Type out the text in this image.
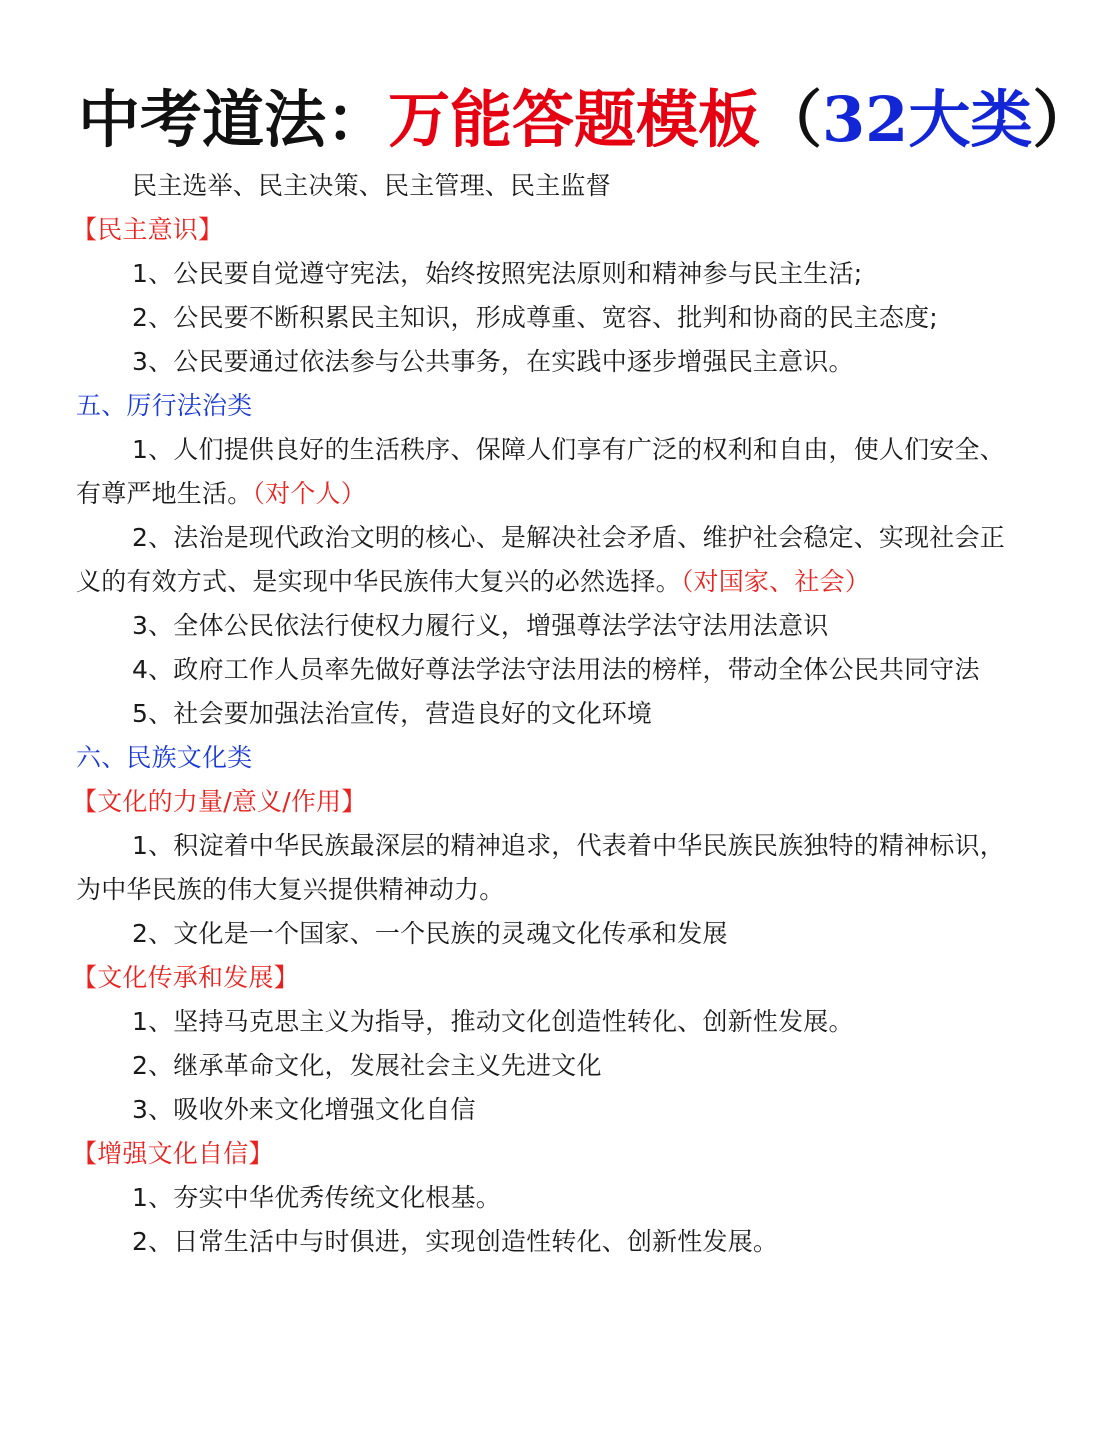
中考道法：万能答题模板（32大类）

民主选举、民主决策、民主管理、民主监督

【民主意识】

1、公民要自觉遵守宪法，始终按照宪法原则和精神参与民主生活;

2、公民要不断积累民主知识，形成尊重、宽容、批判和协商的民主态度;

3、公民要通过依法参与公共事务，在实践中逐步增强民主意识。

五、厉行法治类

1、人们提供良好的生活秩序、保障人们享有广泛的权利和自由，使人们安全、有尊严地生活。（对个人）

2、法治是现代政治文明的核心、是解决社会矛盾、维护社会稳定、实现社会正义的有效方式、是实现中华民族伟大复兴的必然选择。（对国家、社会）

3、全体公民依法行使权力履行义，增强尊法学法守法用法意识

4、政府工作人员率先做好尊法学法守法用法的榜样，带动全体公民共同守法

5、社会要加强法治宣传，营造良好的文化环境

六、民族文化类

【文化的力量/意义/作用】

1、积淀着中华民族最深层的精神追求，代表着中华民族民族独特的精神标识，为中华民族的伟大复兴提供精神动力。

2、文化是一个国家、一个民族的灵魂文化传承和发展

【文化传承和发展】

1、坚持马克思主义为指导，推动文化创造性转化、创新性发展。

2、继承革命文化，发展社会主义先进文化

3、吸收外来文化增强文化自信

【增强文化自信】

1、夯实中华优秀传统文化根基。

2、日常生活中与时俱进，实现创造性转化、创新性发展。
